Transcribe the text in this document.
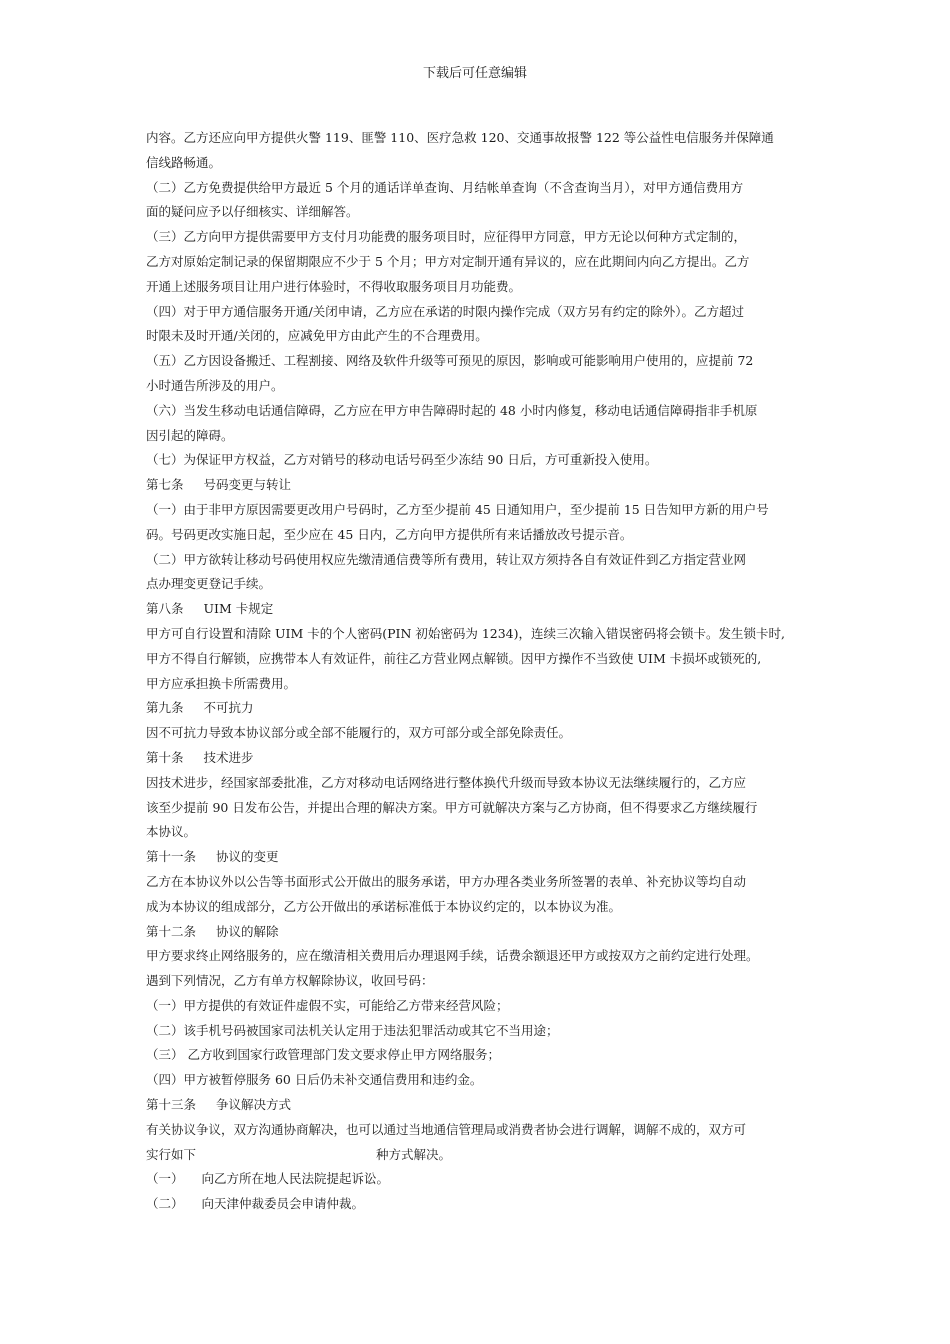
下载后可任意编辑
内容。乙方还应向甲方提供火警 119、匪警 110、医疗急救 120、交通事故报警 122 等公益性电信服务并保障通
信线路畅通。
（二）乙方免费提供给甲方最近 5 个月的通话详单查询、月结帐单查询（不含查询当月），对甲方通信费用方
面的疑问应予以仔细核实、详细解答。
（三）乙方向甲方提供需要甲方支付月功能费的服务项目时，应征得甲方同意，甲方无论以何种方式定制的，
乙方对原始定制记录的保留期限应不少于 5 个月；甲方对定制开通有异议的，应在此期间内向乙方提出。乙方
开通上述服务项目让用户进行体验时，不得收取服务项目月功能费。
（四）对于甲方通信服务开通/关闭申请，乙方应在承诺的时限内操作完成（双方另有约定的除外）。乙方超过
时限未及时开通/关闭的，应减免甲方由此产生的不合理费用。
（五）乙方因设备搬迁、工程割接、网络及软件升级等可预见的原因，影响或可能影响用户使用的，应提前 72
小时通告所涉及的用户。
（六）当发生移动电话通信障碍，乙方应在甲方申告障碍时起的 48 小时内修复，移动电话通信障碍指非手机原
因引起的障碍。
（七）为保证甲方权益，乙方对销号的移动电话号码至少冻结 90 日后，方可重新投入使用。
第七条 号码变更与转让
（一）由于非甲方原因需要更改用户号码时，乙方至少提前 45 日通知用户，至少提前 15 日告知甲方新的用户号
码。号码更改实施日起，至少应在 45 日内，乙方向甲方提供所有来话播放改号提示音。
（二）甲方欲转让移动号码使用权应先缴清通信费等所有费用，转让双方须持各自有效证件到乙方指定营业网
点办理变更登记手续。
第八条 UIM 卡规定
甲方可自行设置和清除 UIM 卡的个人密码(PIN 初始密码为 1234)，连续三次输入错误密码将会锁卡。发生锁卡时,
甲方不得自行解锁，应携带本人有效证件，前往乙方营业网点解锁。因甲方操作不当致使 UIM 卡损坏或锁死的,
甲方应承担换卡所需费用。
第九条 不可抗力
因不可抗力导致本协议部分或全部不能履行的，双方可部分或全部免除责任。
第十条 技术进步
因技术进步，经国家部委批准，乙方对移动电话网络进行整体换代升级而导致本协议无法继续履行的，乙方应
该至少提前 90 日发布公告，并提出合理的解决方案。甲方可就解决方案与乙方协商，但不得要求乙方继续履行
本协议。
第十一条 协议的变更
乙方在本协议外以公告等书面形式公开做出的服务承诺，甲方办理各类业务所签署的表单、补充协议等均自动
成为本协议的组成部分，乙方公开做出的承诺标准低于本协议约定的，以本协议为准。
第十二条 协议的解除
甲方要求终止网络服务的，应在缴清相关费用后办理退网手续，话费余额退还甲方或按双方之前约定进行处理。
遇到下列情况，乙方有单方权解除协议，收回号码：
（一）甲方提供的有效证件虚假不实，可能给乙方带来经营风险；
（二）该手机号码被国家司法机关认定用于违法犯罪活动或其它不当用途；
（三） 乙方收到国家行政管理部门发文要求停止甲方网络服务；
（四）甲方被暂停服务 60 日后仍未补交通信费用和违约金。
第十三条 争议解决方式
有关协议争议，双方沟通协商解决，也可以通过当地通信管理局或消费者协会进行调解，调解不成的，双方可
实行如下	种方式解决。
（一） 向乙方所在地人民法院提起诉讼。
（二） 向天津仲裁委员会申请仲裁。
